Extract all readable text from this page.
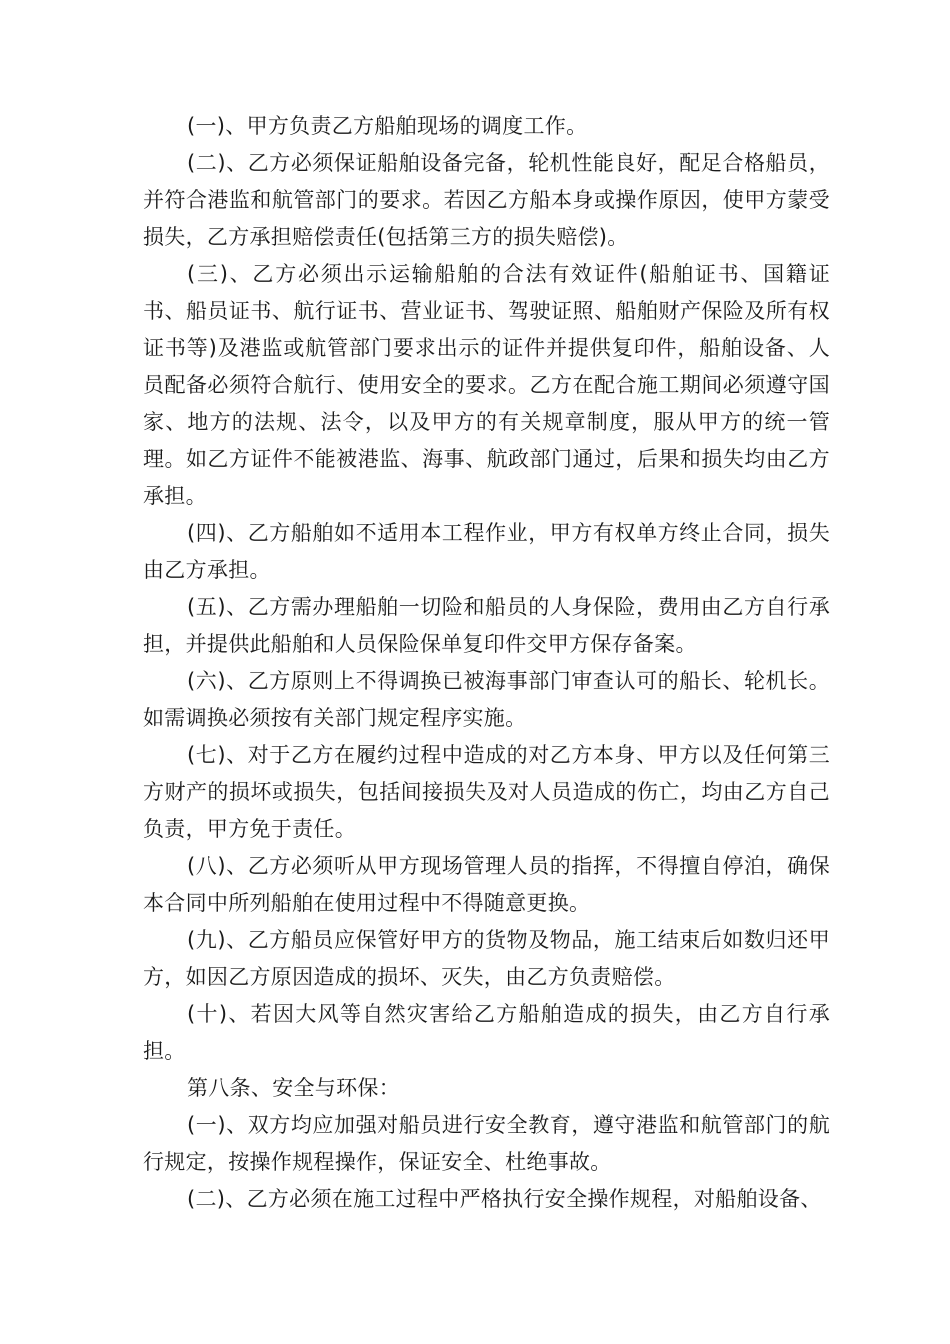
(一)、甲方负责乙方船舶现场的调度工作。

(二)、乙方必须保证船舶设备完备，轮机性能良好，配足合格船员，并符合港监和航管部门的要求。若因乙方船本身或操作原因，使甲方蒙受损失，乙方承担赔偿责任(包括第三方的损失赔偿)。

(三)、乙方必须出示运输船舶的合法有效证件(船舶证书、国籍证书、船员证书、航行证书、营业证书、驾驶证照、船舶财产保险及所有权证书等)及港监或航管部门要求出示的证件并提供复印件，船舶设备、人员配备必须符合航行、使用安全的要求。乙方在配合施工期间必须遵守国家、地方的法规、法令，以及甲方的有关规章制度，服从甲方的统一管理。如乙方证件不能被港监、海事、航政部门通过，后果和损失均由乙方承担。

(四)、乙方船舶如不适用本工程作业，甲方有权单方终止合同，损失由乙方承担。

(五)、乙方需办理船舶一切险和船员的人身保险，费用由乙方自行承担，并提供此船舶和人员保险保单复印件交甲方保存备案。

(六)、乙方原则上不得调换已被海事部门审查认可的船长、轮机长。如需调换必须按有关部门规定程序实施。

(七)、对于乙方在履约过程中造成的对乙方本身、甲方以及任何第三方财产的损坏或损失，包括间接损失及对人员造成的伤亡，均由乙方自己负责，甲方免于责任。

(八)、乙方必须听从甲方现场管理人员的指挥，不得擅自停泊，确保本合同中所列船舶在使用过程中不得随意更换。

(九)、乙方船员应保管好甲方的货物及物品，施工结束后如数归还甲方，如因乙方原因造成的损坏、灭失，由乙方负责赔偿。

(十)、若因大风等自然灾害给乙方船舶造成的损失，由乙方自行承担。

第八条、安全与环保：

(一)、双方均应加强对船员进行安全教育，遵守港监和航管部门的航行规定，按操作规程操作，保证安全、杜绝事故。

(二)、乙方必须在施工过程中严格执行安全操作规程，对船舶设备、
